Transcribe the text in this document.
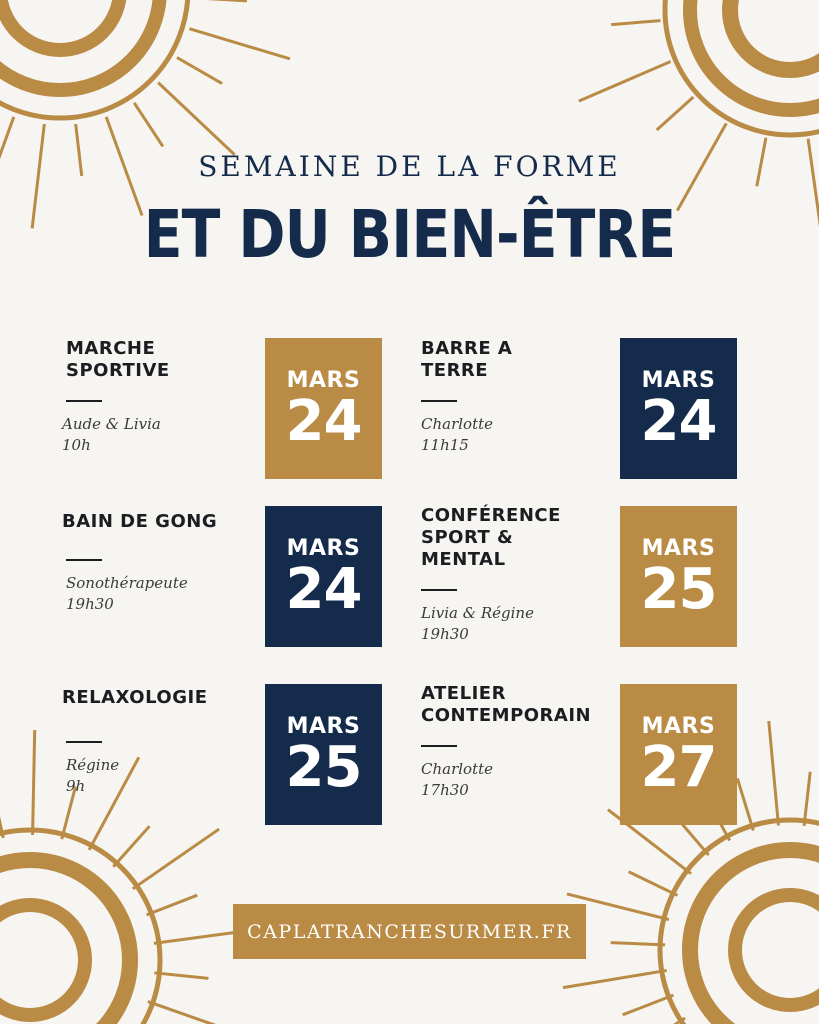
SEMAINE DE LA FORME
ET DU BIEN-ÊTRE
MARCHE
SPORTIVE
Aude & Livia
10h
MARS
24
BARRE A
TERRE
Charlotte
11h15
MARS
24
BAIN DE GONG
Sonothérapeute
19h30
MARS
24
CONFÉRENCE
SPORT &
MENTAL
Livia & Régine
19h30
MARS
25
RELAXOLOGIE
Régine
9h
MARS
25
ATELIER
CONTEMPORAIN
Charlotte
17h30
MARS
27
CAPLATRANCHESURMER.FR
